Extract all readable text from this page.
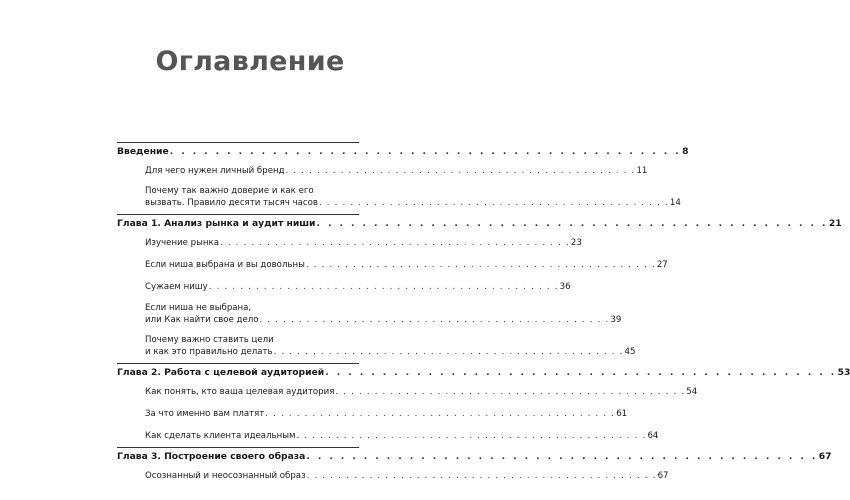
Оглавление
Введение . . . . . . . . . . . . . . . . . . . . . . . . . . . . . . . . . . . . . . . . . . . . . 8
Для чего нужен личный бренд . . . . . . . . . . . . . . . . . . . . . . . . . . . . . . . . . . . . . . . . . . . . . 11
Почему так важно доверие и как его
вызвать. Правило десяти тысяч часов . . . . . . . . . . . . . . . . . . . . . . . . . . . . . . . . . . . . . . . . . . . . . 14
Глава 1. Анализ рынка и аудит ниши . . . . . . . . . . . . . . . . . . . . . . . . . . . . . . . . . . . . . . . . . . . . . 21
Изучение рынка . . . . . . . . . . . . . . . . . . . . . . . . . . . . . . . . . . . . . . . . . . . . . 23
Если ниша выбрана и вы довольны . . . . . . . . . . . . . . . . . . . . . . . . . . . . . . . . . . . . . . . . . . . . . 27
Сужаем нишу . . . . . . . . . . . . . . . . . . . . . . . . . . . . . . . . . . . . . . . . . . . . . 36
Если ниша не выбрана,
или Как найти свое дело . . . . . . . . . . . . . . . . . . . . . . . . . . . . . . . . . . . . . . . . . . . . . 39
Почему важно ставить цели
и как это правильно делать . . . . . . . . . . . . . . . . . . . . . . . . . . . . . . . . . . . . . . . . . . . . . 45
Глава 2. Работа с целевой аудиторией . . . . . . . . . . . . . . . . . . . . . . . . . . . . . . . . . . . . . . . . . . . . . 53
Как понять, кто ваша целевая аудитория . . . . . . . . . . . . . . . . . . . . . . . . . . . . . . . . . . . . . . . . . . . . . 54
За что именно вам платят . . . . . . . . . . . . . . . . . . . . . . . . . . . . . . . . . . . . . . . . . . . . . 61
Как сделать клиента идеальным . . . . . . . . . . . . . . . . . . . . . . . . . . . . . . . . . . . . . . . . . . . . . 64
Глава 3. Построение своего образа . . . . . . . . . . . . . . . . . . . . . . . . . . . . . . . . . . . . . . . . . . . . . 67
Осознанный и неосознанный образ . . . . . . . . . . . . . . . . . . . . . . . . . . . . . . . . . . . . . . . . . . . . . 67
